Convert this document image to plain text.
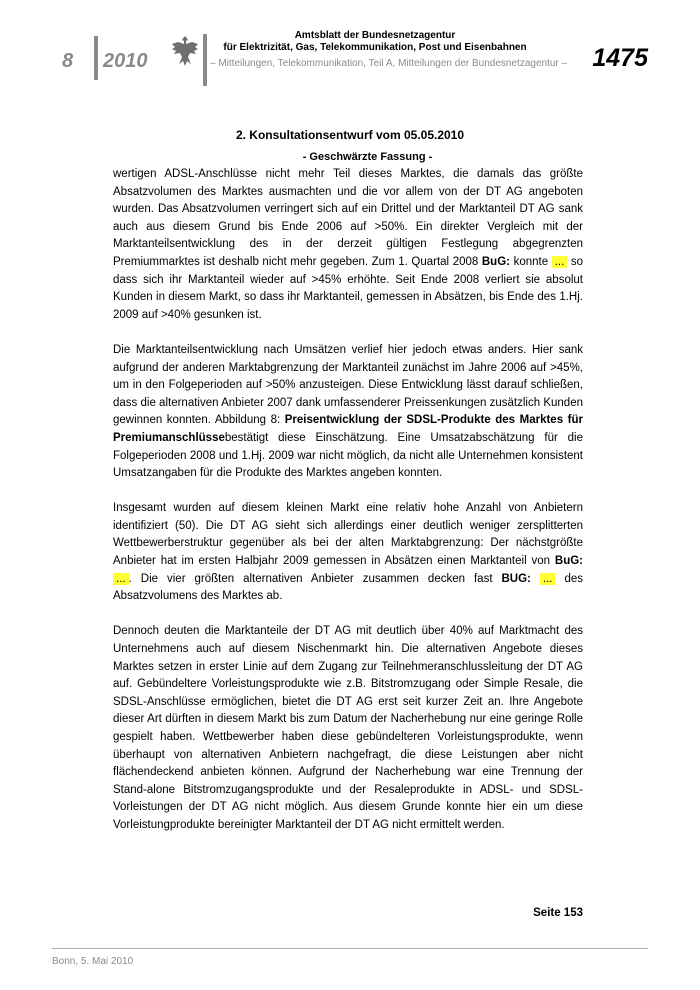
8 2010
Amtsblatt der Bundesnetzagentur
für Elektrizität, Gas, Telekommunikation, Post und Eisenbahnen
– Mitteilungen, Telekommunikation, Teil A, Mitteilungen der Bundesnetzagentur – 1475
2. Konsultationsentwurf vom 05.05.2010
- Geschwärzte Fassung -

wertigen ADSL-Anschlüsse nicht mehr Teil dieses Marktes, die damals das größte Absatzvolumen des Marktes ausmachten und die vor allem von der DT AG angeboten wurden. Das Absatzvolumen verringert sich auf ein Drittel und der Marktanteil DT AG sank auch aus diesem Grund bis Ende 2006 auf >50%. Ein direkter Vergleich mit der Marktanteilsentwicklung des in der derzeit gültigen Festlegung abgegrenzten Premiummarktes ist deshalb nicht mehr gegeben. Zum 1. Quartal 2008 BuG: konnte ... so dass sich ihr Marktanteil wieder auf >45% erhöhte. Seit Ende 2008 verliert sie absolut Kunden in diesem Markt, so dass ihr Marktanteil, gemessen in Absätzen, bis Ende des 1.Hj. 2009 auf >40% gesunken ist.

Die Marktanteilsentwicklung nach Umsätzen verlief hier jedoch etwas anders. Hier sank aufgrund der anderen Marktabgrenzung der Marktanteil zunächst im Jahre 2006 auf >45%, um in den Folgeperioden auf >50% anzusteigen. Diese Entwicklung lässt darauf schließen, dass die alternativen Anbieter 2007 dank umfassenderer Preissenkungen zusätzlich Kunden gewinnen konnten. Abbildung 8: Preisentwicklung der SDSL-Produkte des Marktes für Premiumanschlüssebestätigt diese Einschätzung. Eine Umsatzabschätzung für die Folgeperioden 2008 und 1.Hj. 2009 war nicht möglich, da nicht alle Unternehmen konsistent Umsatzangaben für die Produkte des Marktes angeben konnten.

Insgesamt wurden auf diesem kleinen Markt eine relativ hohe Anzahl von Anbietern identifiziert (50). Die DT AG sieht sich allerdings einer deutlich weniger zersplitterten Wettbewerberstruktur gegenüber als bei der alten Marktabgrenzung: Der nächstgrößte Anbieter hat im ersten Halbjahr 2009 gemessen in Absätzen einen Marktanteil von BuG: ... . Die vier größten alternativen Anbieter zusammen decken fast BUG: ... des Absatzvolumens des Marktes ab.

Dennoch deuten die Marktanteile der DT AG mit deutlich über 40% auf Marktmacht des Unternehmens auch auf diesem Nischenmarkt hin. Die alternativen Angebote dieses Marktes setzen in erster Linie auf dem Zugang zur Teilnehmeranschlussleitung der DT AG auf. Gebündeltere Vorleistungsprodukte wie z.B. Bitstromzugang oder Simple Resale, die SDSL-Anschlüsse ermöglichen, bietet die DT AG erst seit kurzer Zeit an. Ihre Angebote dieser Art dürften in diesem Markt bis zum Datum der Nacherhebung nur eine geringe Rolle gespielt haben. Wettbewerber haben diese gebündelteren Vorleistungsprodukte, wenn überhaupt von alternativen Anbietern nachgefragt, die diese Leistungen aber nicht flächendeckend anbieten können. Aufgrund der Nacherhebung war eine Trennung der Stand-alone Bitstromzugangsprodukte und der Resaleprodukte in ADSL- und SDSL- Vorleistungen der DT AG nicht möglich. Aus diesem Grunde konnte hier ein um diese Vorleistungprodukte bereinigter Marktanteil der DT AG nicht ermittelt werden.

Seite 153
Bonn, 5. Mai 2010
